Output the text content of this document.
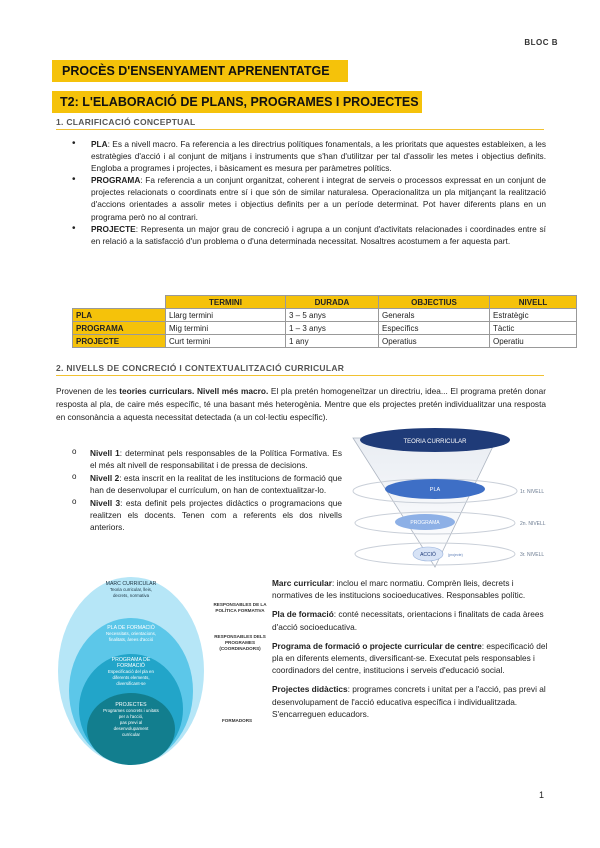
BLOC B
PROCÈS D'ENSENYAMENT APRENENTATGE
T2: L'ELABORACIÓ DE PLANS, PROGRAMES I PROJECTES
1. CLARIFICACIÓ CONCEPTUAL
• PLA: Es a nivell macro. Fa referencia a les directrius polítiques fonamentals, a les prioritats que aquestes estableixen, a les estratègies d'acció i al conjunt de mitjans i instruments que s'han d'utilitzar per tal d'assolir les metes i objectius definits. Engloba a programes i projectes, i bàsicament es mesura per paràmetres polítics.
• PROGRAMA: Fa referencia a un conjunt organitzat, coherent i integrat de serveis o processos expressat en un conjunt de projectes relacionats o coordinats entre sí i que són de similar naturalesa. Operacionalitza un pla mitjançant la realització d'accions orientades a assolir metes i objectius definits per a un període determinat. Pot haver diferents plans en un programa però no al contrari.
• PROJECTE: Representa un major grau de concreció i agrupa a un conjunt d'activitats relacionades i coordinades entre sí en relació a la satisfacció d'un problema o d'una determinada necessitat. Nosaltres acostumem a fer aquesta part.
	TERMINI	DURADA	OBJECTIUS	NIVELL
PLA	Llarg termini	3 – 5 anys	Generals	Estratègic
PROGRAMA	Mig termini	1 – 3 anys	Específics	Tàctic
PROJECTE	Curt termini	1 any	Operatius	Operatiu
2. NIVELLS DE CONCRECIÓ I CONTEXTUALITZACIÓ CURRICULAR
Provenen de les teories curriculars. Nivell més macro. El pla pretén homogeneïtzar un directriu, idea... El programa pretén donar resposta al pla, de caire més específic, té una basant més heterogènia. Mentre que els projectes pretén individualitzar una resposta en consonància a aquesta necessitat detectada (a un col·lectiu específic).
o Nivell 1: determinat pels responsables de la Política Formativa. Es el més alt nivell de responsabilitat i de pressa de decisions.
o Nivell 2: esta inscrit en la realitat de les institucions de formació que han de desenvolupar el currículum, on han de contextualitzar-lo.
o Nivell 3: esta definit pels projectes didàctics o programacions que realitzen els docents. Tenen com a referents els dos nivells anteriors.
TEORIA CURRICULAR
PLA
PROGRAMA
ACCIÓ	(projecte)
1r. NIVELL
2n. NIVELL
3r. NIVELL
MARC CURRICULAR
Teoria curricular, lleis,
decrets, normativa
PLA DE FORMACIÓ
Necessitats, orientacions,
finalitats, àrees d'acció
PROGRAMA DE
FORMACIÓ
Especificació del pla en
diferents elements,
diversificant-se
PROJECTES
Programes concrets i unitats
per a l'acció,
pas previ al
desenvolupament
curricular
RESPONSABLES DE LA
POLÍTICA FORMATIVA
RESPONSABLES DELS
PROGRAMES
(COORDINADORS)
FORMADORS

Marc curricular: inclou el marc normatiu. Comprèn lleis, decrets i normatives de les institucions socioeducatives. Responsables polític.

Pla de formació: conté necessitats, orientacions i finalitats de cada àrees d'acció socioeducativa.

Programa de formació o projecte curricular de centre: especificació del pla en diferents elements, diversificant-se. Executat pels responsables i coordinadors del centre, institucions i serveis d'educació social.

Projectes didàctics: programes concrets i unitat per a l'acció, pas previ al desenvolupament de l'acció educativa específica i individualitzada. S'encarreguen educadors.

1
